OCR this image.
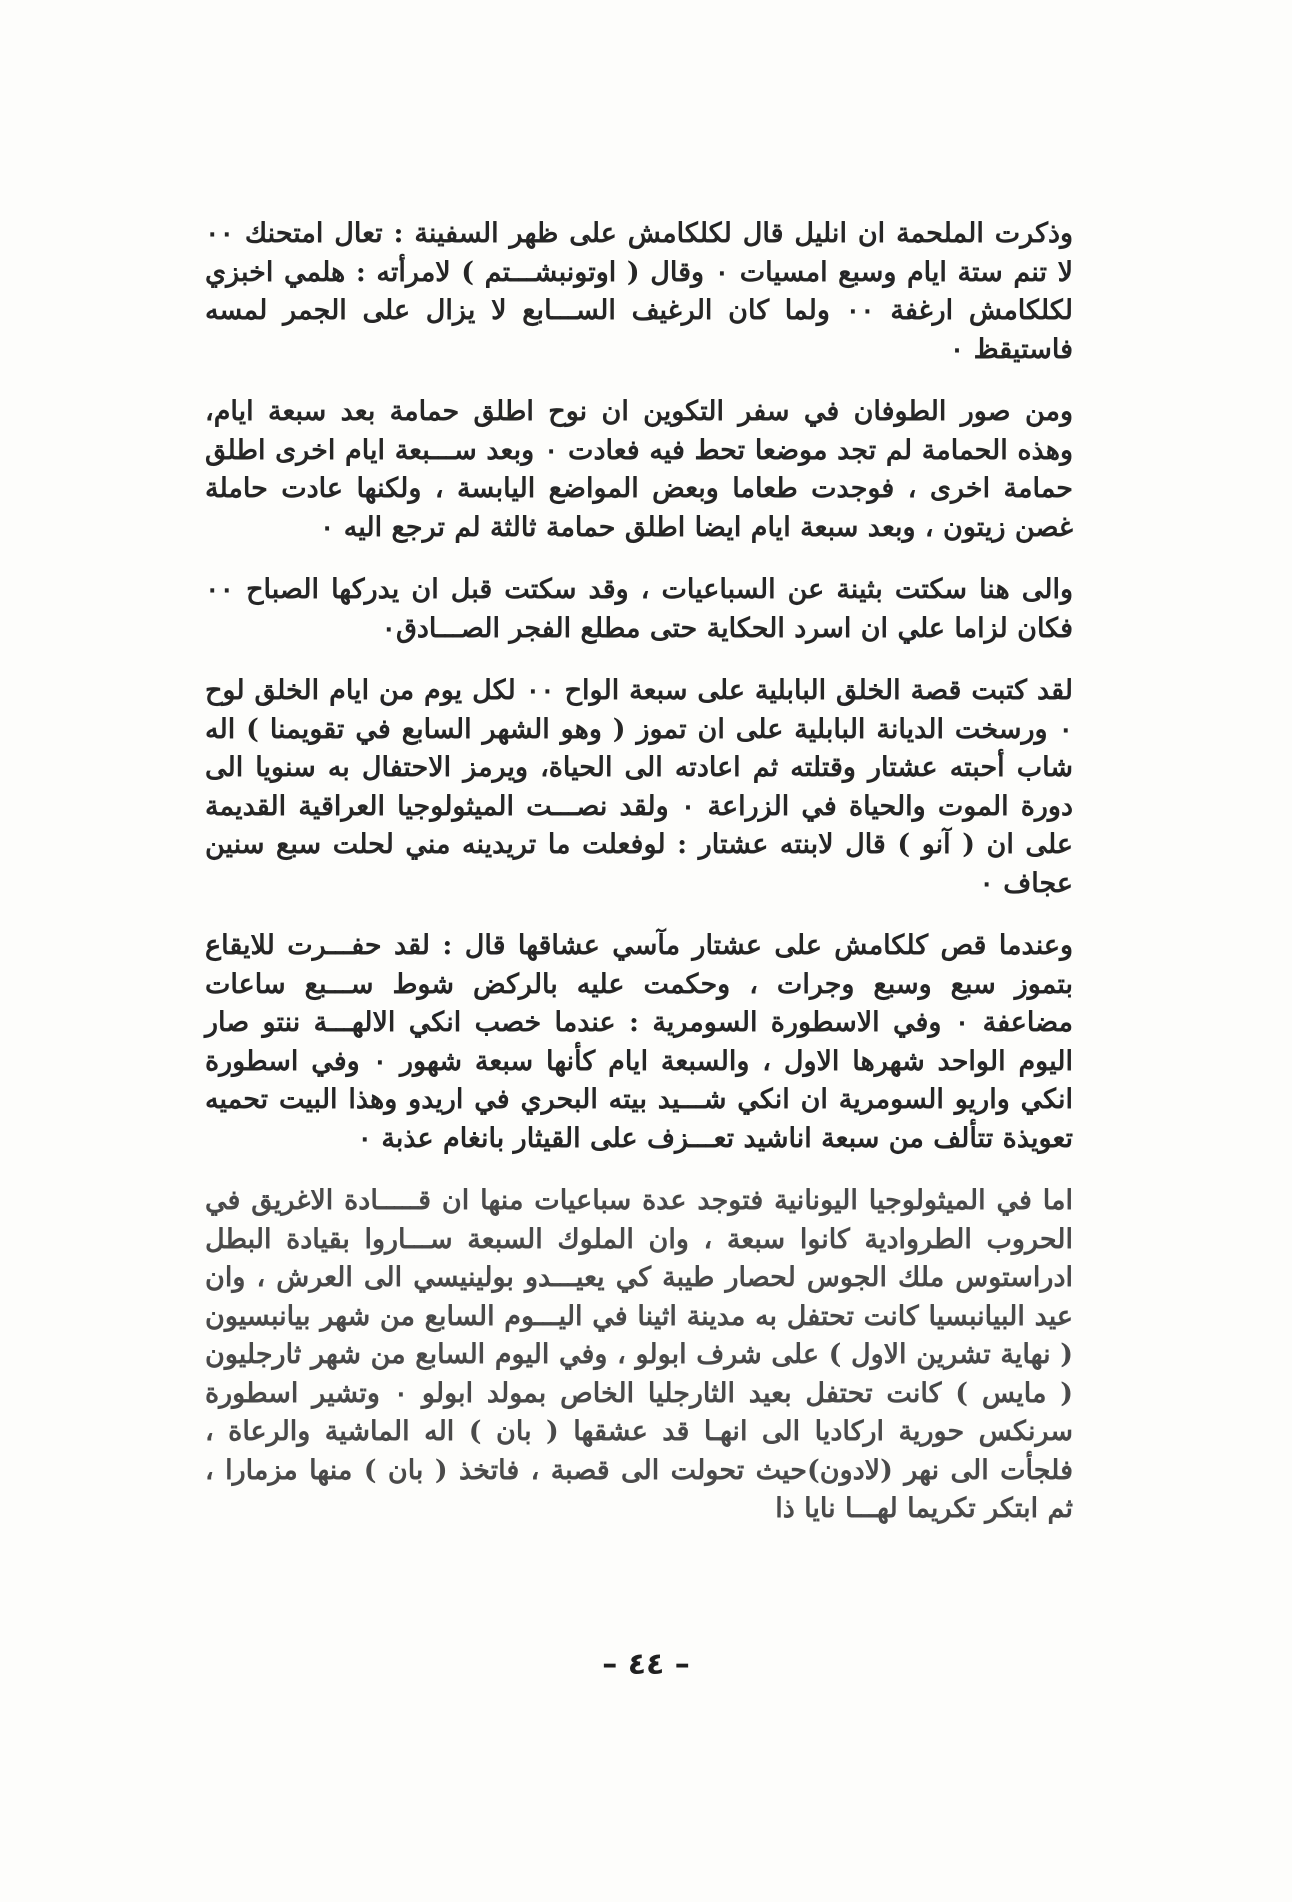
وذكرت الملحمة ان انليل قال لكلكامش على ظهر السفينة : تعال امتحنك ٠٠ لا تنم ستة ايام وسبع امسيات ٠ وقال ( اوتونبشـــتم ) لامرأته : هلمي اخبزي لكلكامش ارغفة ٠٠ ولما كان الرغيف الســـابع لا يزال على الجمر لمسه فاستيقظ ٠

ومن صور الطوفان في سفر التكوين ان نوح اطلق حمامة بعد سبعة ايام، وهذه الحمامة لم تجد موضعا تحط فيه فعادت ٠ وبعد ســـبعة ايام اخرى اطلق حمامة اخرى ، فوجدت طعاما وبعض المواضع اليابسة ، ولكنها عادت حاملة غصن زيتون ، وبعد سبعة ايام ايضا اطلق حمامة ثالثة لم ترجع اليه ٠

والى هنا سكتت بثينة عن السباعيات ، وقد سكتت قبل ان يدركها الصباح ٠٠ فكان لزاما علي ان اسرد الحكاية حتى مطلع الفجر الصـــادق٠

لقد كتبت قصة الخلق البابلية على سبعة الواح ٠٠ لكل يوم من ايام الخلق لوح ٠ ورسخت الديانة البابلية على ان تموز ( وهو الشهر السابع في تقويمنا ) اله شاب أحبته عشتار وقتلته ثم اعادته الى الحياة، ويرمز الاحتفال به سنويا الى دورة الموت والحياة في الزراعة ٠ ولقد نصـــت الميثولوجيا العراقية القديمة على ان ( آنو ) قال لابنته عشتار : لوفعلت ما تريدينه مني لحلت سبع سنين عجاف ٠

وعندما قص كلكامش على عشتار مآسي عشاقها قال : لقد حفـــرت للايقاع بتموز سبع وسبع وجرات ، وحكمت عليه بالركض شوط ســـبع ساعات مضاعفة ٠ وفي الاسطورة السومرية : عندما خصب انكي الالهـــة ننتو صار اليوم الواحد شهرها الاول ، والسبعة ايام كأنها سبعة شهور ٠ وفي اسطورة انكي واريو السومرية ان انكي شـــيد بيته البحري في اريدو وهذا البيت تحميه تعويذة تتألف من سبعة اناشيد تعـــزف على القيثار بانغام عذبة ٠

اما في الميثولوجيا اليونانية فتوجد عدة سباعيات منها ان قـــــادة الاغريق في الحروب الطروادية كانوا سبعة ، وان الملوك السبعة ســـاروا بقيادة البطل ادراستوس ملك الجوس لحصار طيبة كي يعيـــدو بولينيسي الى العرش ، وان عيد البيانبسيا كانت تحتفل به مدينة اثينا في اليـــوم السابع من شهر بيانبسيون ( نهاية تشرين الاول ) على شرف ابولو ، وفي اليوم السابع من شهر ثارجليون ( مايس ) كانت تحتفل بعيد الثارجليا الخاص بمولد ابولو ٠ وتشير اسطورة سرنكس حورية اركاديا الى انهـا قد عشقها ( بان ) اله الماشية والرعاة ، فلجأت الى نهر (لادون)حيث تحولت الى قصبة ، فاتخذ ( بان ) منها مزمارا ، ثم ابتكر تكريما لهـــا نايا ذا

– ٤٤ –
